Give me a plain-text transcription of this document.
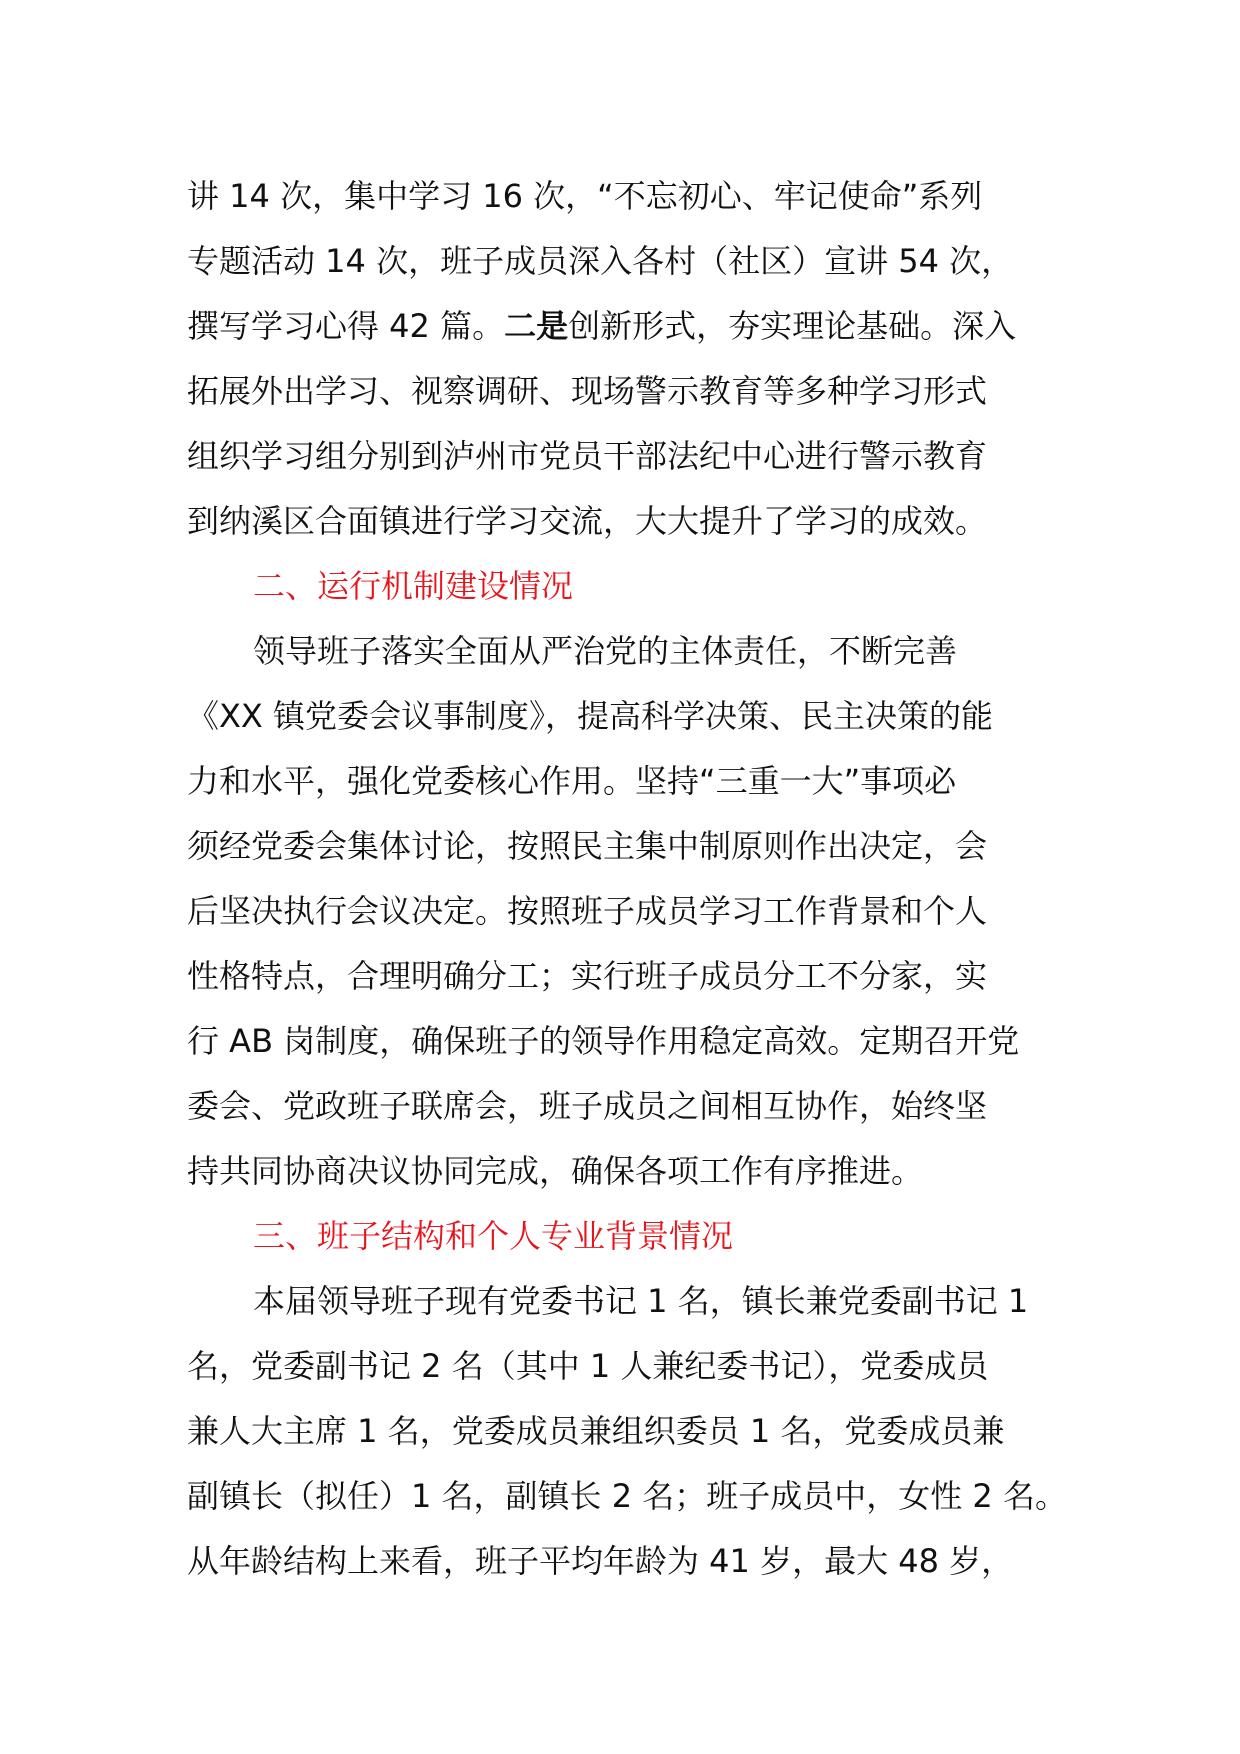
讲 14 次，集中学习 16 次，“不忘初心、牢记使命”系列
专题活动 14 次，班子成员深入各村（社区）宣讲 54 次，
撰写学习心得 42 篇。二是创新形式，夯实理论基础。深入
拓展外出学习、视察调研、现场警示教育等多种学习形式
组织学习组分别到泸州市党员干部法纪中心进行警示教育
到纳溪区合面镇进行学习交流，大大提升了学习的成效。
二、运行机制建设情况
领导班子落实全面从严治党的主体责任，不断完善
《XX 镇党委会议事制度》，提高科学决策、民主决策的能
力和水平，强化党委核心作用。坚持“三重一大”事项必
须经党委会集体讨论，按照民主集中制原则作出决定，会
后坚决执行会议决定。按照班子成员学习工作背景和个人
性格特点，合理明确分工；实行班子成员分工不分家，实
行 AB 岗制度，确保班子的领导作用稳定高效。定期召开党
委会、党政班子联席会，班子成员之间相互协作，始终坚
持共同协商决议协同完成，确保各项工作有序推进。
三、班子结构和个人专业背景情况
本届领导班子现有党委书记 1 名，镇长兼党委副书记 1
名，党委副书记 2 名（其中 1 人兼纪委书记），党委成员
兼人大主席 1 名，党委成员兼组织委员 1 名，党委成员兼
副镇长（拟任）1 名，副镇长 2 名；班子成员中，女性 2 名。
从年龄结构上来看，班子平均年龄为 41 岁，最大 48 岁，
